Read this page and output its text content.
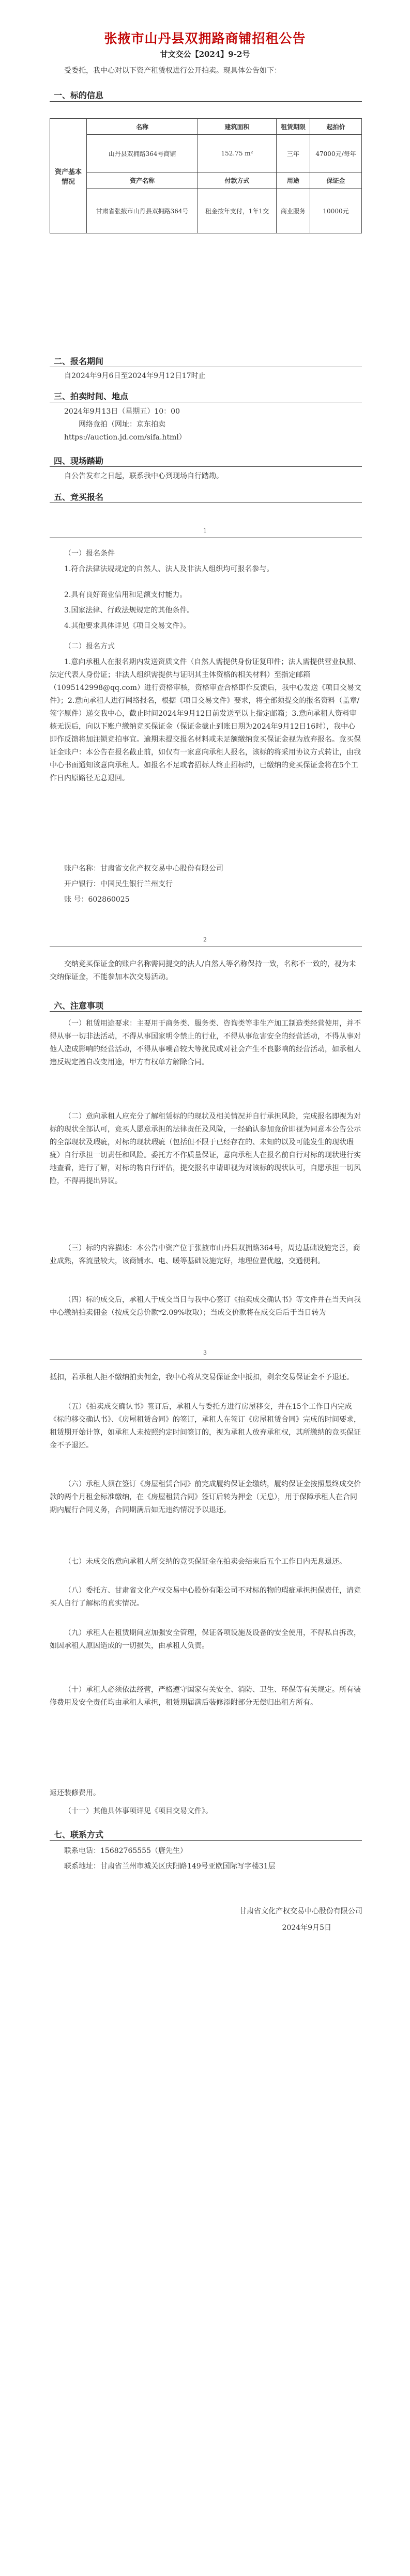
张掖市山丹县双拥路商铺招租公告
甘文交公【2024】9-2号
受委托，我中心对以下资产租赁权进行公开拍卖。现具体公告如下：
一、标的信息
资产基本情况	名称	建筑面积	租赁期限	起拍价
	山丹县双拥路364号商铺	152.75 m²	三年	47000元/每年
	资产名称	付款方式	用途	保证金
	甘肃省张掖市山丹县双拥路364号	租金按年支付，1年1交	商业服务	10000元
二、报名期间
自2024年9月6日至2024年9月12日17时止
三、拍卖时间、地点
2024年9月13日（星期五）10：00
网络竞拍（网址：京东拍卖
https://auction.jd.com/sifa.html）
四、现场踏勘
自公告发布之日起，联系我中心到现场自行踏勘。
五、竞买报名
1
（一）报名条件
1.符合法律法规规定的自然人、法人及非法人组织均可报名参与。
2.具有良好商业信用和足额支付能力。
3.国家法律、行政法规规定的其他条件。
4.其他要求具体详见《项目交易文件》。
（二）报名方式
1.意向承租人在报名期内发送资质文件（自然人需提供身份证复印件；法人需提供营业执照、法定代表人身份证；非法人组织需提供与证明其主体资格的相关材料）至指定邮箱（1095142998@qq.com）进行资格审核，资格审查合格即作反馈后，我中心发送《项目交易文件》；2.意向承租人进行网络报名，根据《项目交易文件》要求，将全部须提交的报名资料（盖章/签字原件）递交我中心，截止时间2024年9月12日前发送至以上指定邮箱；3.意向承租人资料审核无误后，向以下账户缴纳竞买保证金（保证金截止到账日期为2024年9月12日16时），我中心即作反馈将加注锁竞拍事宜。逾期未提交报名材料或未足额缴纳竞买保证金视为放弃报名。竞买保证金账户：本公告在报名截止前，如仅有一家意向承租人报名，该标的将采用协议方式转让，由我中心书面通知该意向承租人。如报名不足或者招标人终止招标的，已缴纳的竞买保证金将在5个工作日内原路径无息退回。
账户名称：甘肃省文化产权交易中心股份有限公司
开户银行：中国民生银行兰州支行
账 号：602860025
2
交纳竞买保证金的账户名称需同提交的法人/自然人等名称保持一致，名称不一致的，视为未交纳保证金，不能参加本次交易活动。
六、注意事项
（一）租赁用途要求：主要用于商务类、服务类、咨询类等非生产加工制造类经营使用，并不得从事一切非法活动，不得从事国家明令禁止的行业，不得从事危害安全的经营活动，不得从事对他人造成影响的经营活动，不得从事噪音较大等扰民或对社会产生不良影响的经营活动，如承租人违反规定擅自改变用途，甲方有权单方解除合同。
（二）意向承租人应充分了解租赁标的的现状及相关情况并自行承担风险，完成报名即视为对标的现状全部认可，竞买人愿意承担的法律责任及风险，一经确认参加竞价即视为同意本公告公示的全部现状及瑕疵，对标的现状瑕疵（包括但不限于已经存在的、未知的以及可能发生的现状瑕疵）自行承担一切责任和风险。委托方不作质量保证，意向承租人在报名前自行对标的现状进行实地查看，进行了解，对标的物自行评估，提交报名申请即视为对该标的现状认可，自愿承担一切风险，不得再提出异议。
（三）标的内容描述：本公告中资产位于张掖市山丹县双拥路364号，周边基础设施完善，商业成熟，客流量较大，该商铺水、电、暖等基础设施完好，地理位置优越，交通便利。
（四）标的成交后，承租人于成交当日与我中心签订《拍卖成交确认书》等文件并在当天向我中心缴纳拍卖佣金（按成交总价款*2.09%收取）；当成交价款将在成交后后于当日转为
3
抵扣，若承租人拒不缴纳拍卖佣金，我中心将从交易保证金中抵扣，剩余交易保证金不予退还。
（五）《拍卖成交确认书》签订后，承租人与委托方进行房屋移交，并在15个工作日内完成《标的移交确认书》、《房屋租赁合同》的签订，承租人在签订《房屋租赁合同》完成的时间要求，租赁期开始计算，如承租人未按照约定时间签订的，视为承租人放弃承租权，其所缴纳的竞买保证金不予退还。
（六）承租人须在签订《房屋租赁合同》前完成履约保证金缴纳，履约保证金按照最终成交价款的两个月租金标准缴纳，在《房屋租赁合同》签订后转为押金（无息），用于保障承租人在合同期内履行合同义务，合同期满后如无违约情况予以退还。
（七）未成交的意向承租人所交纳的竞买保证金在拍卖会结束后五个工作日内无息退还。
（八）委托方、甘肃省文化产权交易中心股份有限公司不对标的物的瑕疵承担担保责任，请竞买人自行了解标的真实情况。
（九）承租人在租赁期间应加强安全管理，保证各项设施及设备的安全使用，不得私自拆改，如因承租人原因造成的一切损失，由承租人负责。
（十）承租人必须依法经营，严格遵守国家有关安全、消防、卫生、环保等有关规定。所有装修费用及安全责任均由承租人承担，租赁期届满后装修添附部分无偿归出租方所有。
返还装修费用。
（十一）其他具体事项详见《项目交易文件》。
七、联系方式
联系电话：15682765555（唐先生）
联系地址：甘肃省兰州市城关区庆阳路149号亚欧国际写字楼31层
甘肃省文化产权交易中心股份有限公司
2024年9月5日
